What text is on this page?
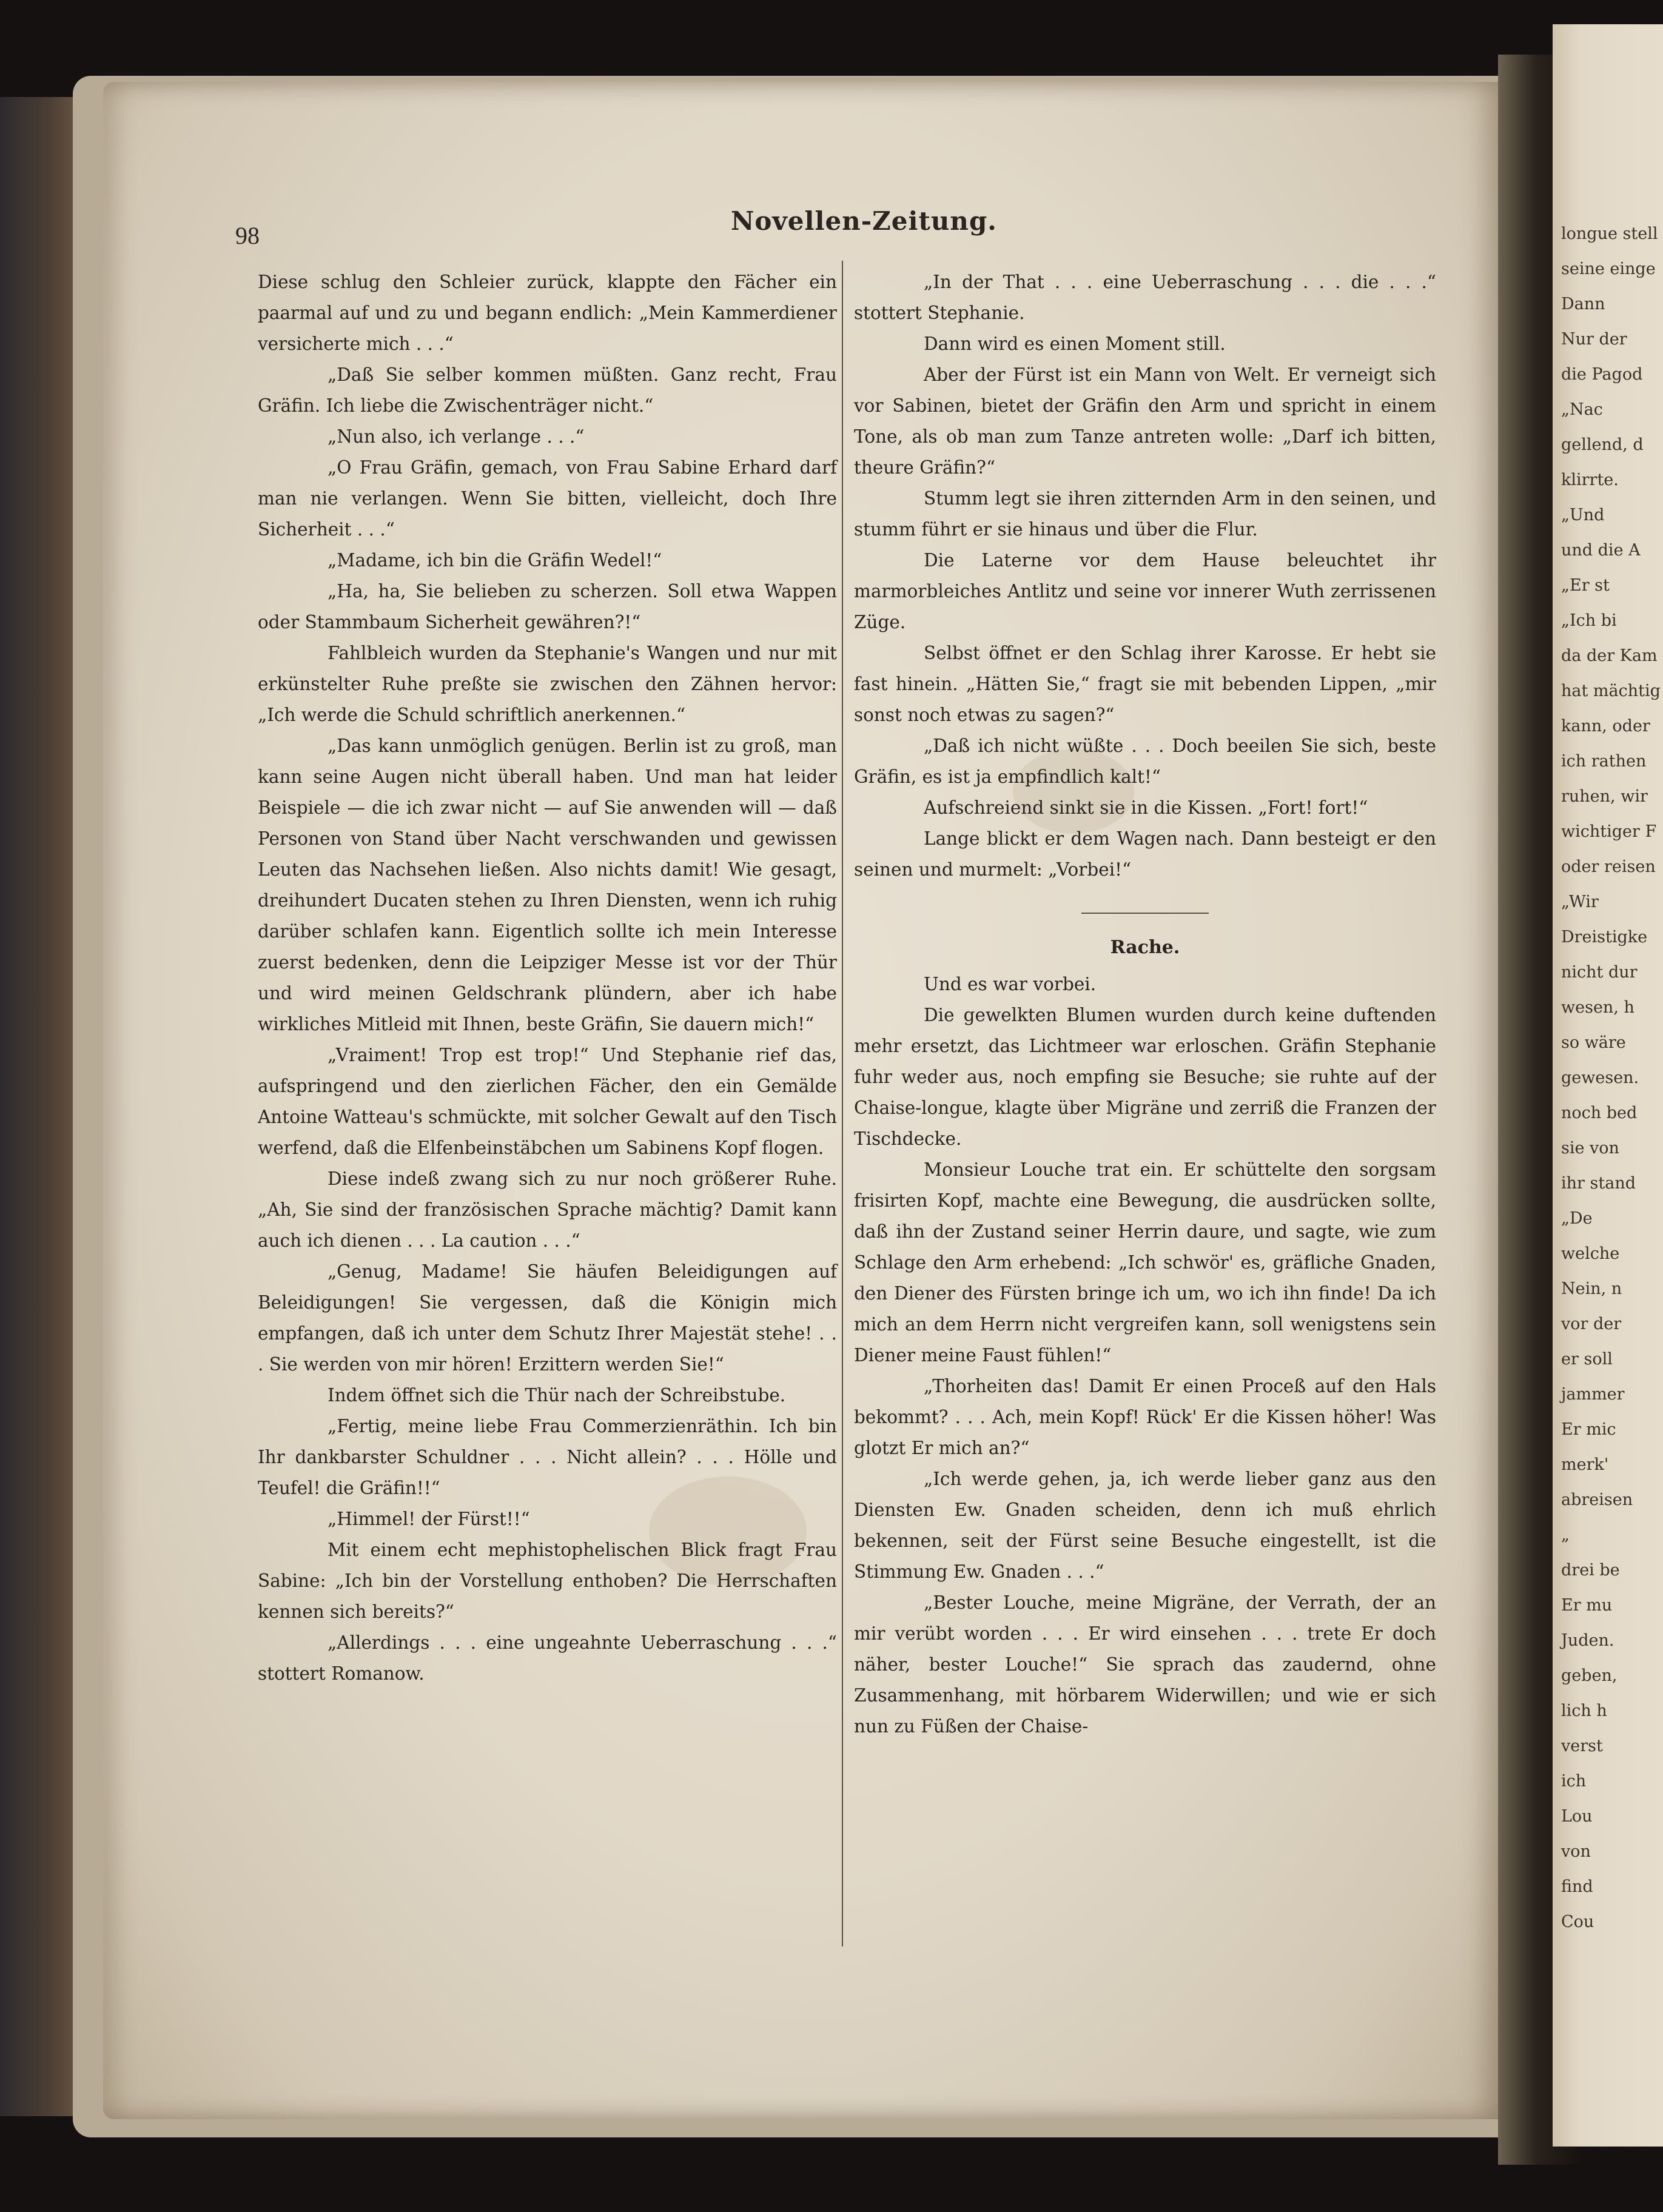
longue stell
seine einge
Dann
Nur der
die Pagod
„Nac
gellend, d
klirrte.
„Und
und die A
„Er st
„Ich bi
da der Kam
hat mächtig
kann, oder
ich rathen
ruhen, wir
wichtiger F
oder reisen
„Wir
Dreistigke
nicht dur
wesen, h
so wäre
gewesen.
noch bed
sie von
ihr stand
„De
welche
Nein, n
vor der
er soll
jammer
Er mic
merk'
abreisen
„
drei be
Er mu
Juden.
geben,
lich h
verst
ich
Lou
von
find
Cou
98	Novellen-Zeitung.

Diese schlug den Schleier zurück, klappte den Fächer ein paarmal auf und zu und begann endlich: „Mein Kammerdiener versicherte mich . . .“

„Daß Sie selber kommen müßten. Ganz recht, Frau Gräfin. Ich liebe die Zwischenträger nicht.“

„Nun also, ich verlange . . .“

„O Frau Gräfin, gemach, von Frau Sabine Erhard darf man nie verlangen. Wenn Sie bitten, vielleicht, doch Ihre Sicherheit . . .“

„Madame, ich bin die Gräfin Wedel!“

„Ha, ha, Sie belieben zu scherzen. Soll etwa Wappen oder Stammbaum Sicherheit gewähren?!“

Fahlbleich wurden da Stephanie's Wangen und nur mit erkünstelter Ruhe preßte sie zwischen den Zähnen hervor: „Ich werde die Schuld schriftlich anerkennen.“

„Das kann unmöglich genügen. Berlin ist zu groß, man kann seine Augen nicht überall haben. Und man hat leider Beispiele — die ich zwar nicht — auf Sie anwenden will — daß Personen von Stand über Nacht verschwanden und gewissen Leuten das Nachsehen ließen. Also nichts damit! Wie gesagt, dreihundert Ducaten stehen zu Ihren Diensten, wenn ich ruhig darüber schlafen kann. Eigentlich sollte ich mein Interesse zuerst bedenken, denn die Leipziger Messe ist vor der Thür und wird meinen Geldschrank plündern, aber ich habe wirkliches Mitleid mit Ihnen, beste Gräfin, Sie dauern mich!“

„Vraiment! Trop est trop!“ Und Stephanie rief das, aufspringend und den zierlichen Fächer, den ein Gemälde Antoine Watteau's schmückte, mit solcher Gewalt auf den Tisch werfend, daß die Elfenbeinstäbchen um Sabinens Kopf flogen.

Diese indeß zwang sich zu nur noch größerer Ruhe. „Ah, Sie sind der französischen Sprache mächtig? Damit kann auch ich dienen . . . La caution . . .“

„Genug, Madame! Sie häufen Beleidigungen auf Beleidigungen! Sie vergessen, daß die Königin mich empfangen, daß ich unter dem Schutz Ihrer Majestät stehe! . . . Sie werden von mir hören! Erzittern werden Sie!“

Indem öffnet sich die Thür nach der Schreibstube.

„Fertig, meine liebe Frau Commerzienräthin. Ich bin Ihr dankbarster Schuldner . . . Nicht allein? . . . Hölle und Teufel! die Gräfin!!“

„Himmel! der Fürst!!“

Mit einem echt mephistophelischen Blick fragt Frau Sabine: „Ich bin der Vorstellung enthoben? Die Herrschaften kennen sich bereits?“

„Allerdings . . . eine ungeahnte Ueberraschung . . .“ stottert Romanow.

„In der That . . . eine Ueberraschung . . . die . . .“ stottert Stephanie.

Dann wird es einen Moment still.

Aber der Fürst ist ein Mann von Welt. Er verneigt sich vor Sabinen, bietet der Gräfin den Arm und spricht in einem Tone, als ob man zum Tanze antreten wolle: „Darf ich bitten, theure Gräfin?“

Stumm legt sie ihren zitternden Arm in den seinen, und stumm führt er sie hinaus und über die Flur.

Die Laterne vor dem Hause beleuchtet ihr marmorbleiches Antlitz und seine vor innerer Wuth zerrissenen Züge.

Selbst öffnet er den Schlag ihrer Karosse. Er hebt sie fast hinein. „Hätten Sie,“ fragt sie mit bebenden Lippen, „mir sonst noch etwas zu sagen?“

„Daß ich nicht wüßte . . . Doch beeilen Sie sich, beste Gräfin, es ist ja empfindlich kalt!“

Aufschreiend sinkt sie in die Kissen. „Fort! fort!“

Lange blickt er dem Wagen nach. Dann besteigt er den seinen und murmelt: „Vorbei!“

Rache.

Und es war vorbei.

Die gewelkten Blumen wurden durch keine duftenden mehr ersetzt, das Lichtmeer war erloschen. Gräfin Stephanie fuhr weder aus, noch empfing sie Besuche; sie ruhte auf der Chaise-longue, klagte über Migräne und zerriß die Franzen der Tischdecke.

Monsieur Louche trat ein. Er schüttelte den sorgsam frisirten Kopf, machte eine Bewegung, die ausdrücken sollte, daß ihn der Zustand seiner Herrin daure, und sagte, wie zum Schlage den Arm erhebend: „Ich schwör' es, gräfliche Gnaden, den Diener des Fürsten bringe ich um, wo ich ihn finde! Da ich mich an dem Herrn nicht vergreifen kann, soll wenigstens sein Diener meine Faust fühlen!“

„Thorheiten das! Damit Er einen Proceß auf den Hals bekommt? . . . Ach, mein Kopf! Rück' Er die Kissen höher! Was glotzt Er mich an?“

„Ich werde gehen, ja, ich werde lieber ganz aus den Diensten Ew. Gnaden scheiden, denn ich muß ehrlich bekennen, seit der Fürst seine Besuche eingestellt, ist die Stimmung Ew. Gnaden . . .“

„Bester Louche, meine Migräne, der Verrath, der an mir verübt worden . . . Er wird einsehen . . . trete Er doch näher, bester Louche!“ Sie sprach das zaudernd, ohne Zusammenhang, mit hörbarem Widerwillen; und wie er sich nun zu Füßen der Chaise-
